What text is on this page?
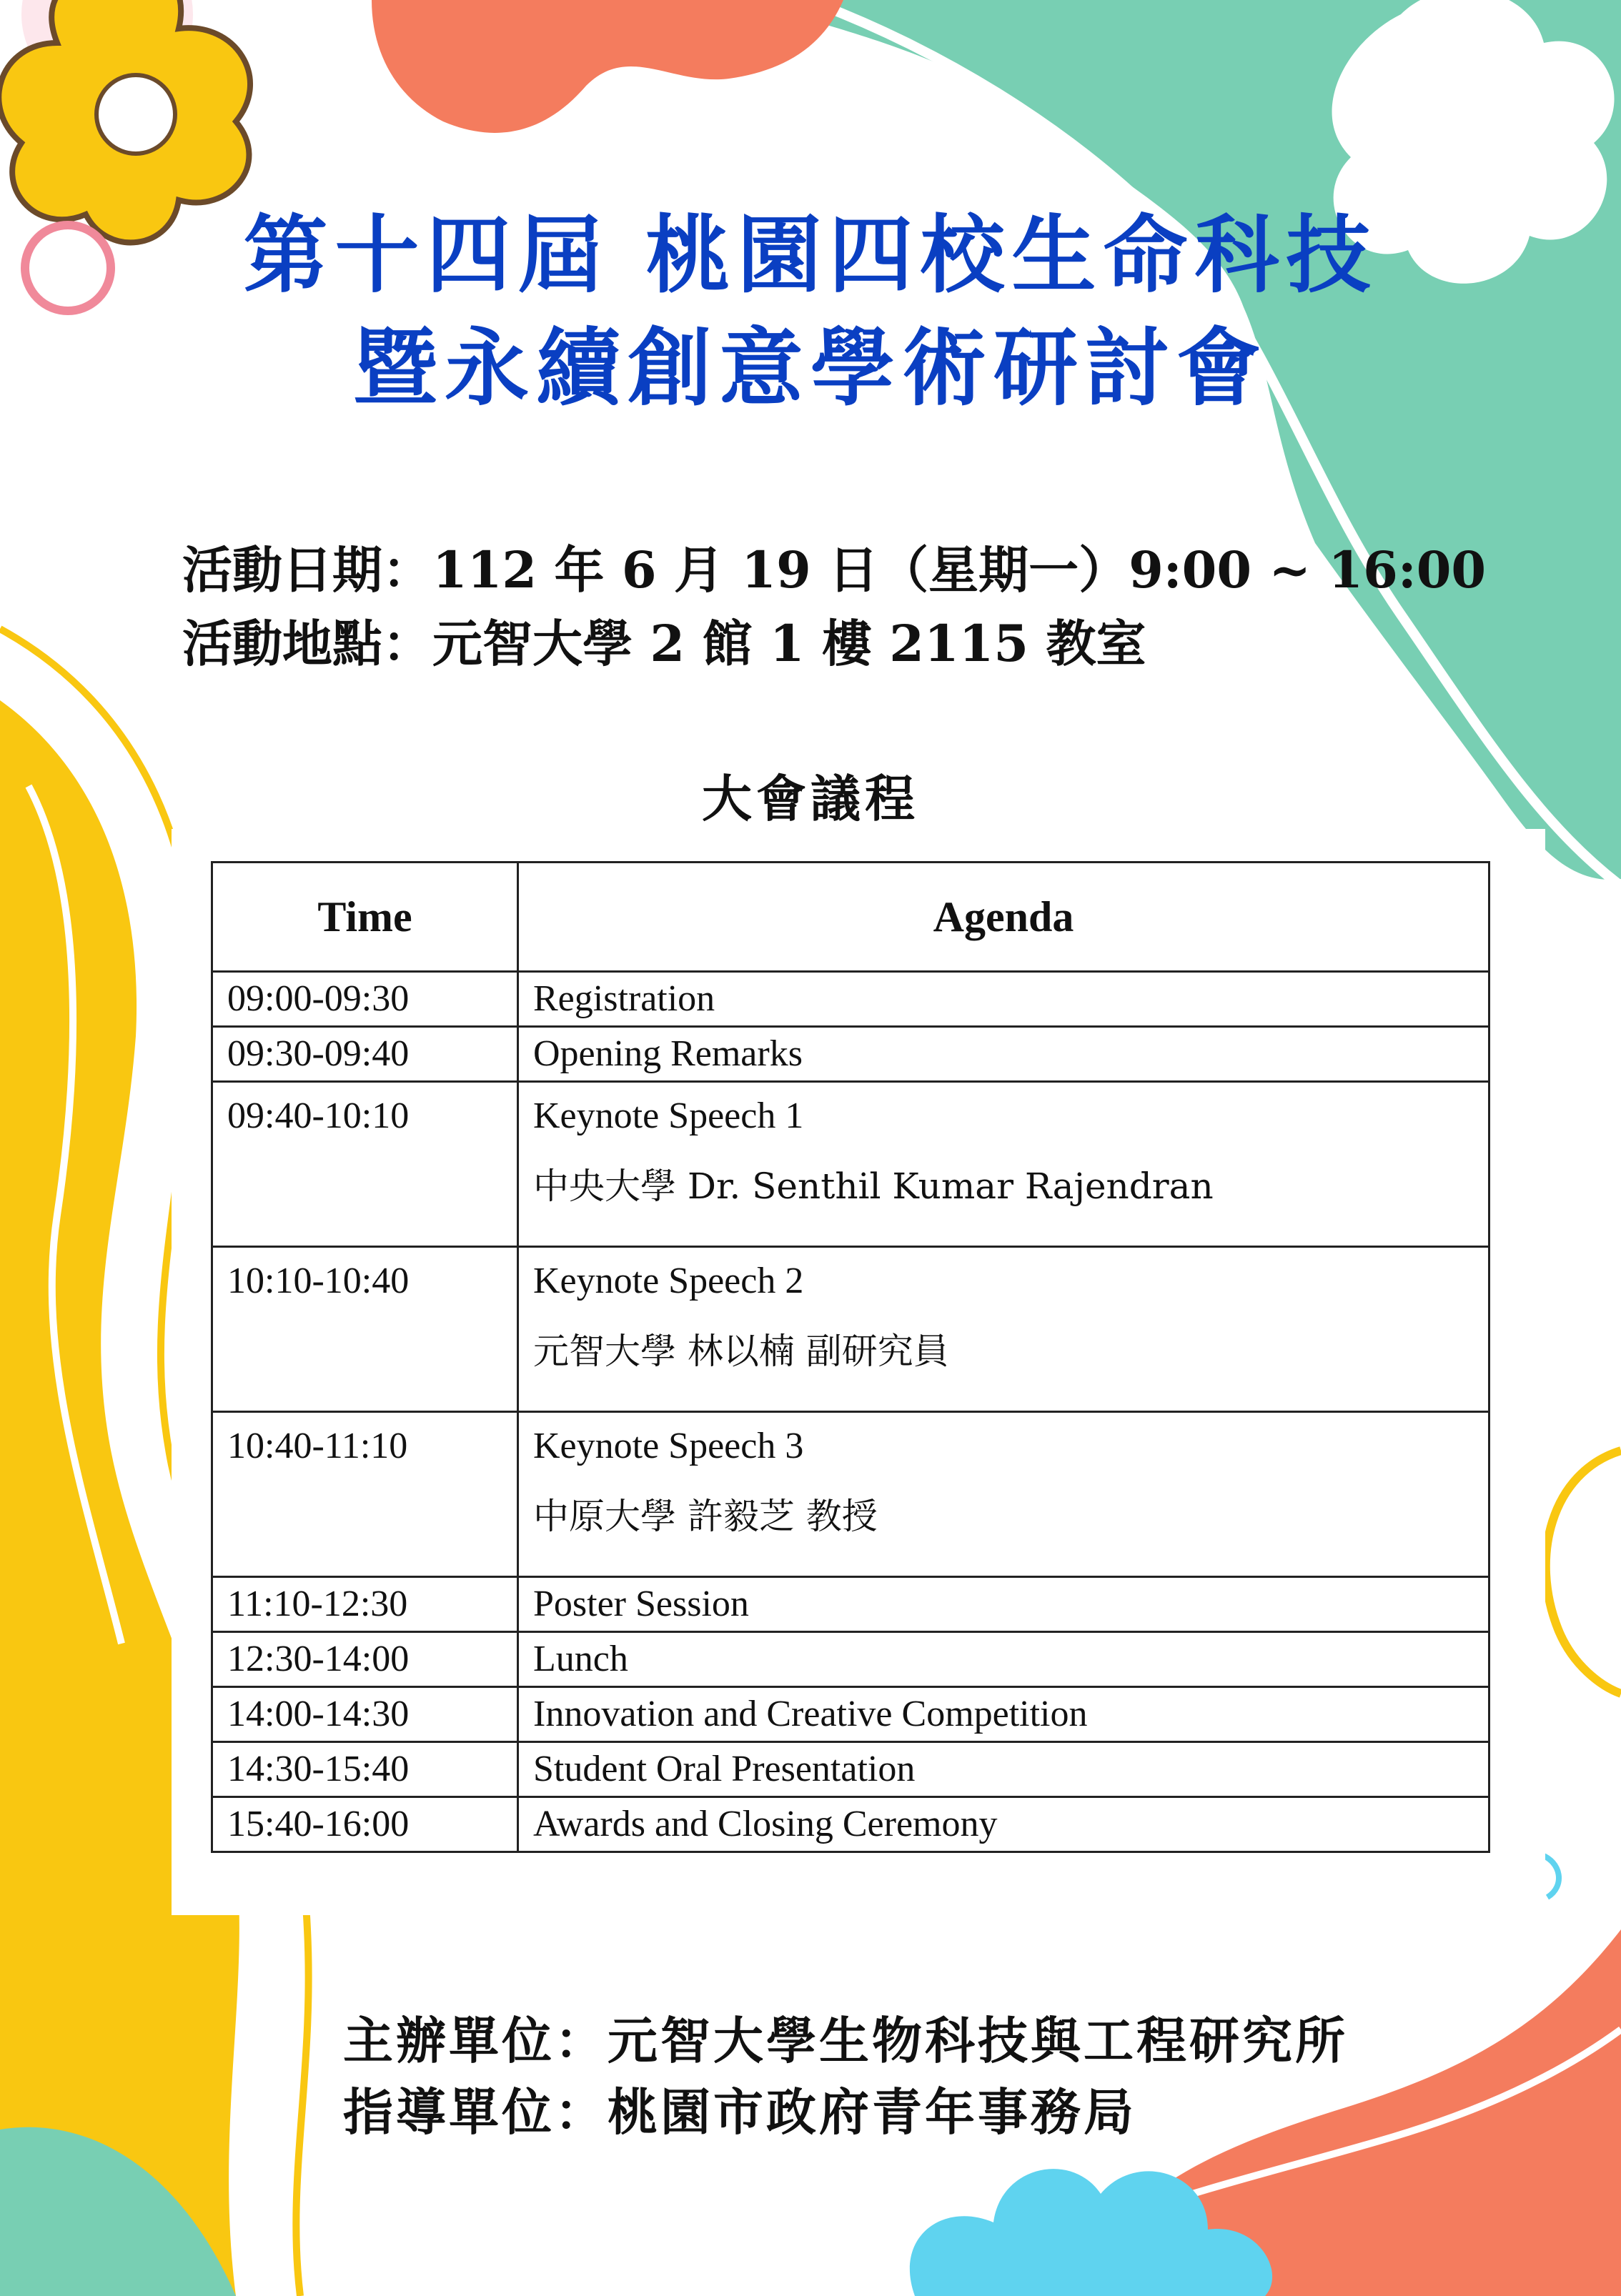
第十四屆 桃園四校生命科技
暨永續創意學術研討會
活動日期：112 年 6 月 19 日（星期一）9:00 ~ 16:00
活動地點：元智大學 2 館 1 樓 2115 教室
大會議程
Time	Agenda
09:00-09:30	Registration
09:30-09:40	Opening Remarks
09:40-10:10	Keynote Speech 1
中央大學 Dr. Senthil Kumar Rajendran

10:10-10:40	Keynote Speech 2
元智大學 林以楠 副研究員

10:40-11:10	Keynote Speech 3
中原大學 許毅芝 教授

11:10-12:30	Poster Session
12:30-14:00	Lunch
14:00-14:30	Innovation and Creative Competition
14:30-15:40	Student Oral Presentation
15:40-16:00	Awards and Closing Ceremony
主辦單位：元智大學生物科技與工程研究所
指導單位：桃園市政府青年事務局
